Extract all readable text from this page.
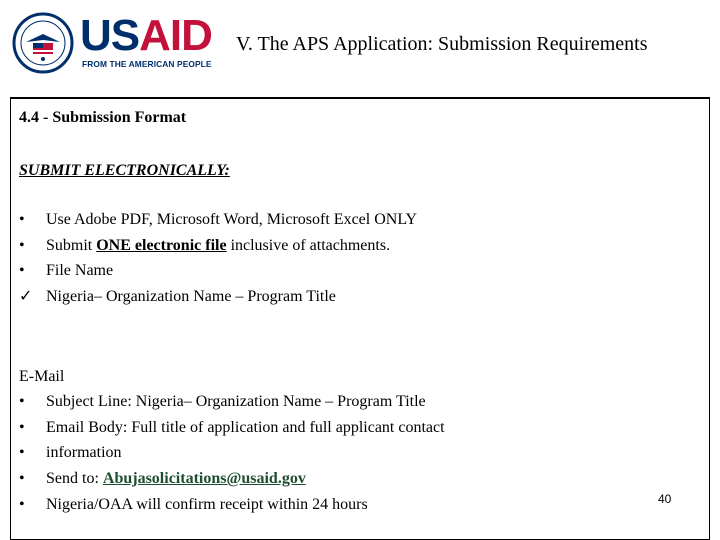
USAID
FROM THE AMERICAN PEOPLE
V. The APS Application: Submission Requirements
4.4 - Submission Format
SUBMIT ELECTRONICALLY:
•	Use Adobe PDF, Microsoft Word, Microsoft Excel ONLY
•	Submit ONE electronic file inclusive of attachments.
•	File Name
✓ Nigeria– Organization Name – Program Title
E-Mail
•	Subject Line: Nigeria– Organization Name – Program Title
•	Email Body: Full title of application and full applicant contact
•	information
•	Send to: Abujasolicitations@usaid.gov
•	Nigeria/OAA will confirm receipt within 24 hours	40
